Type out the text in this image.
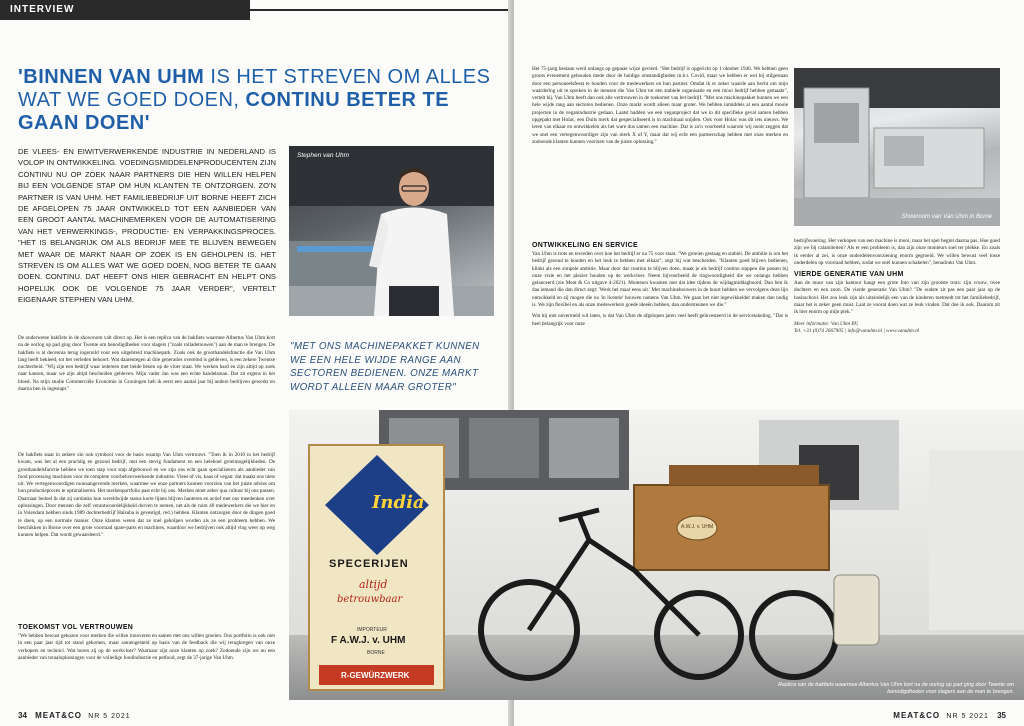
INTERVIEW
'BINNEN VAN UHM IS HET STREVEN OM ALLES WAT WE GOED DOEN, CONTINU BETER TE GAAN DOEN'
DE VLEES- EN EIWITVERWERKENDE INDUSTRIE IN NEDERLAND IS VOLOP IN ONTWIKKELING. VOEDINGSMIDDELENPRODUCENTEN ZIJN CONTINU NU OP ZOEK NAAR PARTNERS DIE HEN WILLEN HELPEN BIJ EEN VOLGENDE STAP OM HUN KLANTEN TE ONTZORGEN. ZO'N PARTNER IS VAN UHM. HET FAMILIEBEDRIJF UIT BORNE HEEFT ZICH DE AFGELOPEN 75 JAAR ONTWIKKELD TOT EEN AANBIEDER VAN EEN GROOT AANTAL MACHINEMERKEN VOOR DE AUTOMATISERING VAN HET VERWERKINGS-, PRODUCTIE- EN VERPAKKINGSPROCES. "HET IS BELANGRIJK OM ALS BEDRIJF MEE TE BLIJVEN BEWEGEN MET WAAR DE MARKT NAAR OP ZOEK IS EN GEHOLPEN IS. HET STREVEN IS OM ALLES WAT WE GOED DOEN, NOG BETER TE GAAN DOEN. CONTINU. DAT HEEFT ONS HIER GEBRACHT EN HELPT ONS HOPELIJK OOK DE VOLGENDE 75 JAAR VERDER", VERTELT EIGENAAR STEPHEN VAN UHM.
Stephen van Uhm
"MET ONS MACHINEPAKKET KUNNEN WE EEN HELE WIJDE RANGE AAN SECTOREN BEDIENEN. ONZE MARKT WORDT ALLEEN MAAR GROTER"
De onderwetse bakfiets in de showroom valt direct op. Het is een replica van de bakfiets waarmee Albertus Van Uhm kort na de oorlog op pad ging door Twente om benodigdheden voor slagers ("zoals rolladetouwen") aan de man te brengen. De bakfiets is al decennia terug ingeruild voor een uitgebreid machinepark. Zoals ook de groothandelsfunctie die Van Uhm lang heeft bekleed, tot het verleden behoort. Wat daarentegen al drie generaties overeind is gebleven, is een zekere Twentse nuchterheid. "Wij zijn een bedrijf waar iedereen met beide benen op de vloer staat. We werken hard en zijn altijd op zoek naar kansen, maar we zijn altijd bescheiden gebleven. Mijn vader Jan was een echte handelsman. Dat zit ergens in het bloed. Na mijn studie Commerciële Economie in Groningen heb ik eerst een aantal jaar bij andere bedrijven gewerkt en daarna ben ik ingestapt."
De bakfiets staat in zekere zin ook symbool voor de basis waarop Van Uhm vertrouwt. "Toen ik in 2010 in het bedrijf kwam, was het al een prachtig en gezond bedrijf, met een stevig fundament en een heleboel groeimogelijkheden. De groothandelsfunctie hebben we toen stap voor stap afgebouwd en we zijn ons echt gaan specialiseren als aanbieder van food processing machines voor de complete voorbehverwerkende industrie. Vlees of vis, kaas of vegan: dat maakt ons niets uit. We vertegenwoordigen toonaangevende merken, waarmee we onze partners kunnen voorzien van het juiste advies om hun productieproces te optimaliseren. Het merkenportfolio past echt bij ons. Merken moet zeker qua cultuur bij ons passen. Daarnaar bedoel ik dat zij cardanks hun wereldwijde status korte lijnen blijven hanteren en actief met ons meedenken over oplossingen. Door mensen die zelf verantwoordelijkheid durven te nemen, net als de ruim 40 medewerkers die we hier en in Volendam hebben sinds 1989 dochterbedrijf Halsuba is gevestigd, red.) hebben. Klanten ontzorgen door de dingen goed te doen, op een normale manier. Onze klanten weten dat ze snel geholpen worden als ze een probleem hebben. We beschikken in Borne over een grote voorraad spare-parts en machines, waardoor we bedrijven ook altijd vlug weer op weg kunnen helpen. Dat wordt gewaardeerd."
TOEKOMST VOL VERTROUWEN
"We hebben bewust gekozen voor merken die willen innoveren en samen met ons willen groeien. Ons portfolio is ook niet in een paar jaar tijd tot stand gekomen, maar samengesteld op basis van de feedback die wij terugkregen van onze verkopers en technici. Wat horen zij op de werkvloer? Waarnaar zijn onze klanten op zoek? Zodoende zijn we nu een aanbieder van totaaloplossingen voor de volledige foodindustrie en petfood, zegt de 37-jarige Van Uhm.
34 MEAT&CO NR 5 2021
Het 75-jarig bestaan werd onlangs op gepaste wijze gevierd. "Het bedrijf is opgericht op 1 oktober 1946. We hebben geen groots evenement gehouden mede door de huidige omstandigheden m.b.t. Covid, maar we hebben er wel bij stilgestaan door een personeelsfeest te houden voor de medewerkers en hun partner. Omdat ik er zeker waarde aan hecht om mijn waardering uit te spreken in de mensen die Van Uhm tot een stabiele organisatie en een mooi bedrijf hebben gemaakt", vertelt hij. Van Uhm heeft dan ook alle vertrouwen in de toekomst van het bedrijf. "Met ons machinepakket kunnen we een hele wijde rang aan sectoren bedienen. Onze markt wordt alleen maar groter. We hebben inmiddels al een aantal mooie projecten in de veganindustrie gedaan. Laatst hadden we een veganproject dat we in dit specifieke geval samen hebben opgepakt met Holac, een Duits merk dat gespecialiseerd is in machinaal snijden. Ook voor Holac was dit iets nieuws. We leren van elkaar en ontwikkelen als het ware dus samen een machine. Dat is zo'n voorbeeld waarom wij nooit zeggen dat we snel een vertegenwoordiger zijn van merk X of Y, maar dat wij echt een partnerschap hebben met onze merken en zodoende klanten kunnen voorzien van de juiste oplossing."
Showroom van Van Uhm in Borne
ONTWIKKELING EN SERVICE
Van Uhm is trots en tevreden over hoe het bedrijf er na 75 voor staat. "We groeien gestaag en stabiel. De ambitie is om het bedrijf gezond te houden en het leuk te hebben met elkaar", zegt hij wat bescheiden. "Klanten goed blijven bedienen, klinkt als een simpele ambitie. Maar door dat continu te blijven doen, maak je als bedrijf continu stappen die passen bij onze visie en het plezier houden op de werkvloer. Neem bijvoorbeeld de ringwoordigheid die we onlangs hebben gelanceerd (zie Meat & Co uitgave 4-2021). Monteurs kwamen met dat idee tijdens de wijdagmiddagboord. Dan ben ik daa iemand die dan direct zegt: 'Werk het maar eens uit.' Met machinebouwers in de buurt hebben we vervolgens deze lijn ontwikkeld en zij mogen die nu 'in licentie' bouwen namens Van Uhm. We gaan het niet ingewikkelder maken dan nodig is. We zijn flexibel en als onze medewerkers goede ideeën hebben, dan ondersteunen we die."
Wat hij niet onvermeld wil laten, is dat Van Uhm de afgelopen jaren veel heeft geïnvesteerd in de servicetakeling. "Dat is heel belangrijk voor onze
bedrijfsvoering. Het verkopen van een machine is mooi, maar het spel begint daarna pas. Hoe goed zijn we bij calamiteiten? Als er een probleem is, dan zijn onze monteurs snel ter plekke. En zoals ik eerder al zei, is onze onderdelenvoorziening enorm gegroeid. We willen bewust veel losse onderdelen op voorraad hebben, zodat we snel kunnen schakelen", benadrukt Van Uhm.
VIERDE GENERATIE VAN UHM
Aan de muur van zijn kantoor hangt een grote foto van zijn grootste trots: zijn vrouw, twee dochters en een zoon. De vierde generatie Van Uhm? "De oudste zit pas een paar jaar op de basisschool. Het zou leuk zijn als uiteindelijk een van de kinderen toetreedt tot het familiebedrijf, maar het is zeker geen must. Laat ze vooral doen wat ze leuk vinden. Dat doe ik ook. Daarom zit ik hier enorm op mijn plek."
Meer informatie: Van Uhm BV,
Tel. +31 (0)74 2667905 | info@vanuhm.nl | www.vanuhm.nl
MEAT&CO NR 5 2021 35
India
SPECERIJEN
altijd
betrouwbaar
IMPORTEUR
F A.W.J. v. UHM
BORNE
R-GEWÜRZWERK
A.W.J. v. UHM
Replica van de bakfiets waarmee Albertus Van Uhm kort na de oorlog op pad ging door Twente om benodigdheden voor slagers aan de man te brengen.
